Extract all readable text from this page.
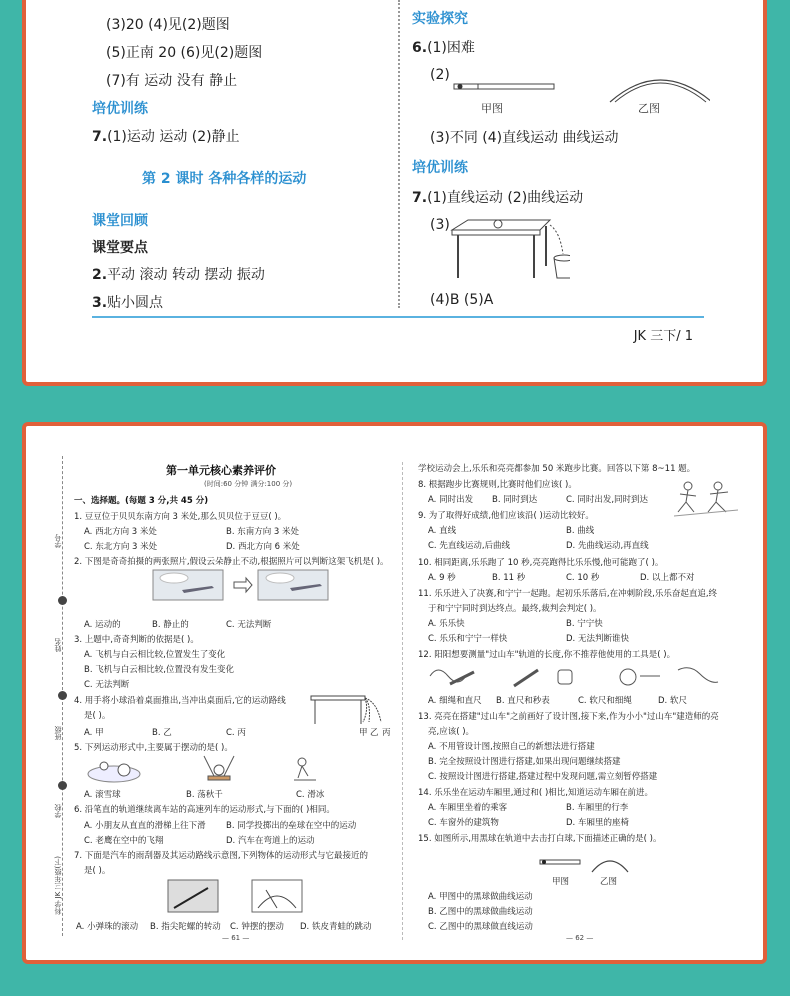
(3)20 (4)见(2)题图
(5)正南 20 (6)见(2)题图
(7)有 运动 没有 静止
培优训练
7.(1)运动 运动 (2)静止
第 2 课时 各种各样的运动
课堂回顾
课堂要点
2.平动 滚动 转动 摆动 振动
3.贴小圆点
实验探究
6.(1)困难
(2)
甲图	乙图
(3)不同 (4)直线运动 曲线运动
培优训练
7.(1)直线运动 (2)曲线运动
(3)
(4)B (5)A
JK 三下/ 1
学号
姓名
班级
学校
科学 JK 三年级(下)
第一单元核心素养评价
(时间:60 分钟 满分:100 分)
一、选择题。(每题 3 分,共 45 分)
1. 豆豆位于贝贝东南方向 3 米处,那么贝贝位于豆豆( )。
A. 西北方向 3 米处	B. 东南方向 3 米处
C. 东北方向 3 米处	D. 西北方向 6 米处
2. 下图是奇奇拍摄的两张照片,假设云朵静止不动,根据照片可以判断这架飞机是( )。
A. 运动的	B. 静止的	C. 无法判断
3. 上题中,奇奇判断的依据是( )。
A. 飞机与白云相比较,位置发生了变化
B. 飞机与白云相比较,位置没有发生变化
C. 无法判断
4. 用手将小球沿着桌面推出,当冲出桌面后,它的运动路线
是( )。
甲 乙 丙
A. 甲	B. 乙	C. 丙
5. 下列运动形式中,主要属于摆动的是( )。
A. 滚雪球	B. 荡秋千	C. 滑冰
6. 沿笔直的轨道继续离车站的高速列车的运动形式,与下面的( )相同。
A. 小朋友从直直的滑梯上往下滑 B. 同学投掷出的垒球在空中的运动
C. 老鹰在空中的飞翔	D. 汽车在弯道上的运动
7. 下面是汽车的雨刮器及其运动路线示意图,下列物体的运动形式与它最接近的
是( )。
A. 小弹珠的滚动 B. 指尖陀螺的转动 C. 钟摆的摆动 D. 铁皮青蛙的跳动
— 61 —
学校运动会上,乐乐和亮亮都参加 50 米跑步比赛。回答以下第 8~11 题。
8. 根据跑步比赛规则,比赛时他们应该( )。
A. 同时出发 B. 同时到达	C. 同时出发,同时到达
9. 为了取得好成绩,他们应该沿( )运动比较好。
A. 直线	B. 曲线
C. 先直线运动,后曲线	D. 先曲线运动,再直线
10. 相同距离,乐乐跑了 10 秒,亮亮跑得比乐乐慢,他可能跑了( )。
A. 9 秒	B. 11 秒	C. 10 秒	D. 以上都不对
11. 乐乐进入了决赛,和宁宁一起跑。起初乐乐落后,在冲刺阶段,乐乐奋起直追,终
于和宁宁同时到达终点。最终,裁判会判定( )。
A. 乐乐快	B. 宁宁快
C. 乐乐和宁宁一样快	D. 无法判断谁快
12. 阳阳想要测量"过山车"轨道的长度,你不推荐他使用的工具是( )。
A. 细绳和直尺 B. 直尺和秒表	C. 软尺和细绳	D. 软尺
13. 亮亮在搭建"过山车"之前画好了设计图,接下来,作为小小"过山车"建造师的亮
亮,应该( )。
A. 不用管设计图,按照自己的新想法进行搭建
B. 完全按照设计图进行搭建,如果出现问题继续搭建
C. 按照设计图进行搭建,搭建过程中发现问题,需立刻暂停搭建
14. 乐乐坐在运动车厢里,通过和( )相比,知道运动车厢在前进。
A. 车厢里坐着的乘客	B. 车厢里的行李
C. 车窗外的建筑物	D. 车厢里的座椅
15. 如图所示,用黑球在轨道中去击打白球,下面描述正确的是( )。
甲图	乙图
A. 甲图中的黑球做曲线运动
B. 乙图中的黑球做曲线运动
C. 乙图中的黑球做直线运动
— 62 —
